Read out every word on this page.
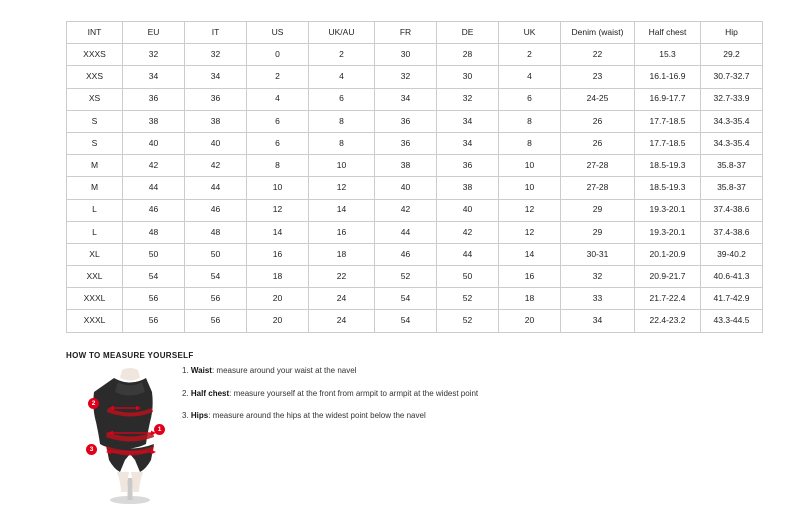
INT	EU	IT	US	UK/AU	FR	DE	UK	Denim (waist)	Half chest	Hip
XXXS	32	32	0	2	30	28	2	22	15.3	29.2
XXS	34	34	2	4	32	30	4	23	16.1-16.9	30.7-32.7
XS	36	36	4	6	34	32	6	24-25	16.9-17.7	32.7-33.9
S	38	38	6	8	36	34	8	26	17.7-18.5	34.3-35.4
S	40	40	6	8	36	34	8	26	17.7-18.5	34.3-35.4
M	42	42	8	10	38	36	10	27-28	18.5-19.3	35.8-37
M	44	44	10	12	40	38	10	27-28	18.5-19.3	35.8-37
L	46	46	12	14	42	40	12	29	19.3-20.1	37.4-38.6
L	48	48	14	16	44	42	12	29	19.3-20.1	37.4-38.6
XL	50	50	16	18	46	44	14	30-31	20.1-20.9	39-40.2
XXL	54	54	18	22	52	50	16	32	20.9-21.7	40.6-41.3
XXXL	56	56	20	24	54	52	18	33	21.7-22.4	41.7-42.9
XXXL	56	56	20	24	54	52	20	34	22.4-23.2	43.3-44.5
HOW TO MEASURE YOURSELF
1. Waist: measure around your waist at the navel
2. Half chest: measure yourself at the front from armpit to armpit at the widest point
3. Hips: measure around the hips at the widest point below the navel
1
2
3
